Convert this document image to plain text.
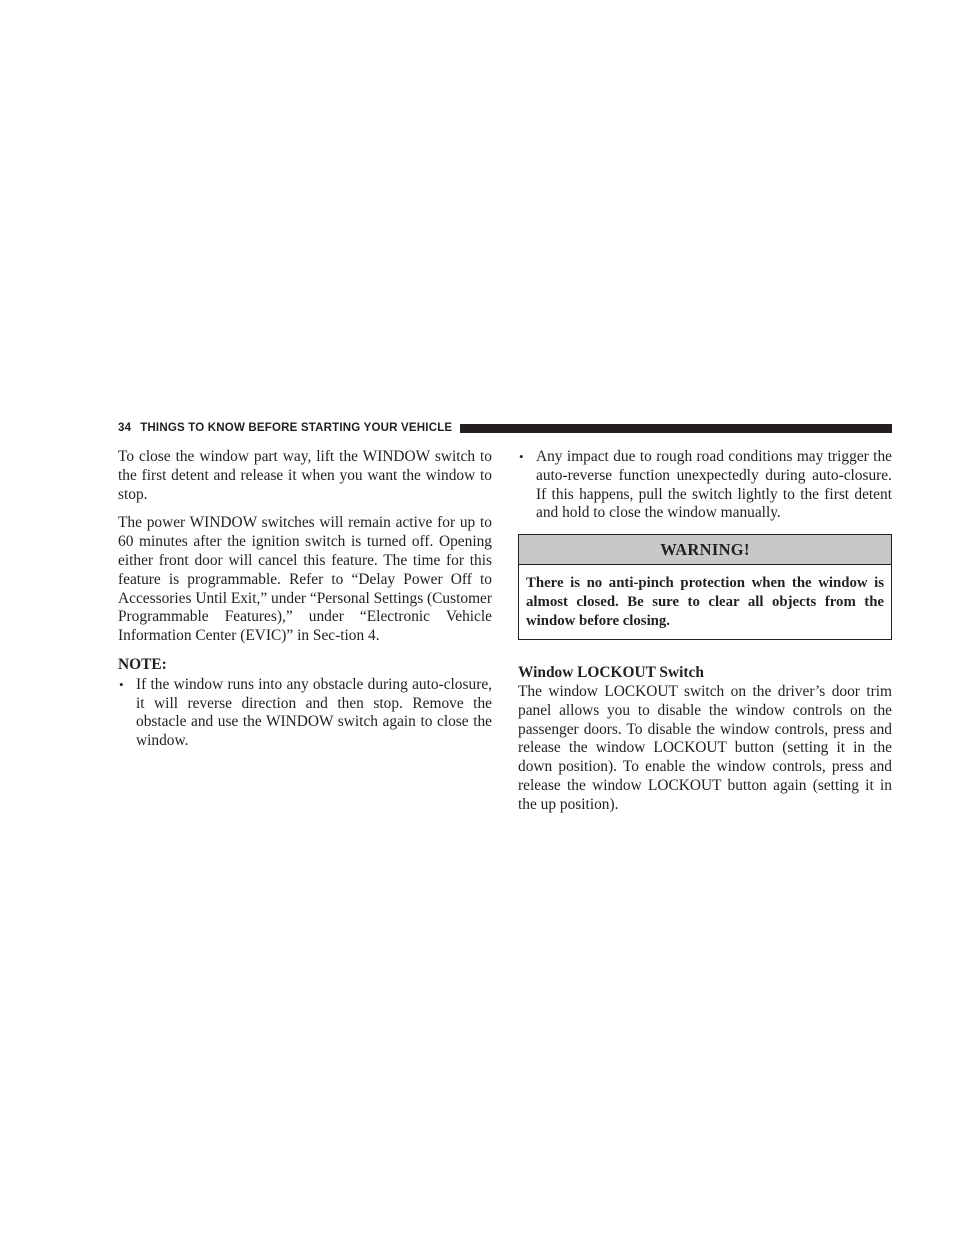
34 THINGS TO KNOW BEFORE STARTING YOUR VEHICLE

To close the window part way, lift the WINDOW switch to the first detent and release it when you want the window to stop.

The power WINDOW switches will remain active for up to 60 minutes after the ignition switch is turned off. Opening either front door will cancel this feature. The time for this feature is programmable. Refer to “Delay Power Off to Accessories Until Exit,” under “Personal Settings (Customer Programmable Features),” under “Electronic Vehicle Information Center (EVIC)” in Sec-tion 4.

NOTE:
• If the window runs into any obstacle during auto-closure, it will reverse direction and then stop. Remove the obstacle and use the WINDOW switch again to close the window.
• Any impact due to rough road conditions may trigger the auto-reverse function unexpectedly during auto-closure. If this happens, pull the switch lightly to the first detent and hold to close the window manually.
WARNING!
There is no anti-pinch protection when the window is almost closed. Be sure to clear all objects from the window before closing.
Window LOCKOUT Switch
The window LOCKOUT switch on the driver’s door trim panel allows you to disable the window controls on the passenger doors. To disable the window controls, press and release the window LOCKOUT button (setting it in the down position). To enable the window controls, press and release the window LOCKOUT button again (setting it in the up position).
